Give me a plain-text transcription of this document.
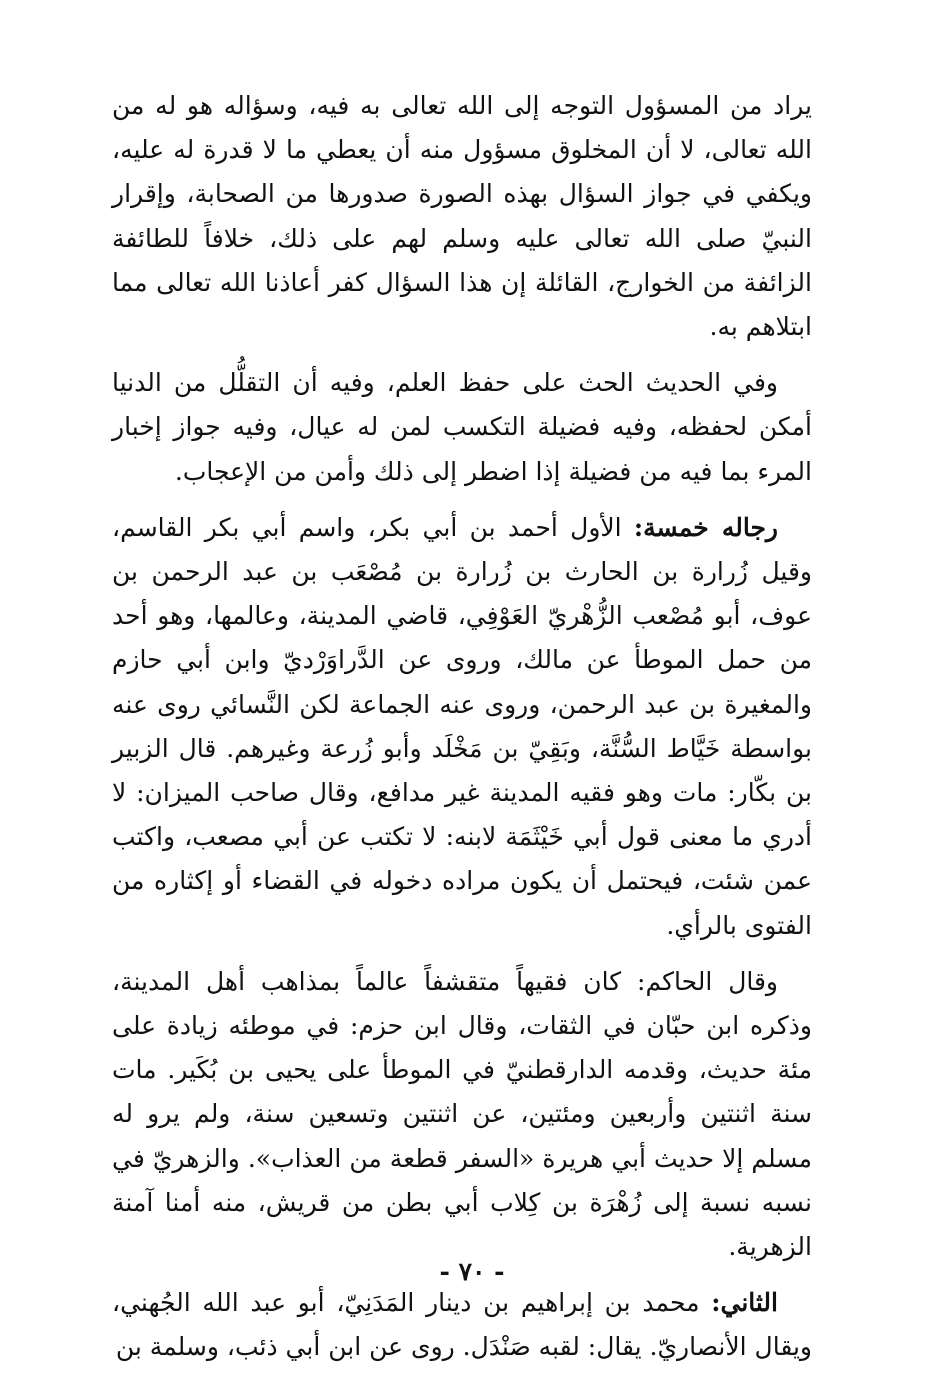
يراد من المسؤول التوجه إلى الله تعالى به فيه، وسؤاله هو له من الله تعالى، لا أن المخلوق مسؤول منه أن يعطي ما لا قدرة له عليه، ويكفي في جواز السؤال بهذه الصورة صدورها من الصحابة، وإقرار النبيّ صلى الله تعالى عليه وسلم لهم على ذلك، خلافاً للطائفة الزائفة من الخوارج، القائلة إن هذا السؤال كفر أعاذنا الله تعالى مما ابتلاهم به.

وفي الحديث الحث على حفظ العلم، وفيه أن التقلُّل من الدنيا أمكن لحفظه، وفيه فضيلة التكسب لمن له عيال، وفيه جواز إخبار المرء بما فيه من فضيلة إذا اضطر إلى ذلك وأمن من الإعجاب.

رجاله خمسة: الأول أحمد بن أبي بكر، واسم أبي بكر القاسم، وقيل زُرارة بن الحارث بن زُرارة بن مُصْعَب بن عبد الرحمن بن عوف، أبو مُصْعب الزُّهْريّ العَوْفِي، قاضي المدينة، وعالمها، وهو أحد من حمل الموطأ عن مالك، وروى عن الدَّراوَرْديّ وابن أبي حازم والمغيرة بن عبد الرحمن، وروى عنه الجماعة لكن النَّسائي روى عنه بواسطة خَيَّاط السُّنَّة، وبَقِيّ بن مَخْلَد وأبو زُرعة وغيرهم. قال الزبير بن بكّار: مات وهو فقيه المدينة غير مدافع، وقال صاحب الميزان: لا أدري ما معنى قول أبي خَيْثَمَة لابنه: لا تكتب عن أبي مصعب، واكتب عمن شئت، فيحتمل أن يكون مراده دخوله في القضاء أو إكثاره من الفتوى بالرأي.

وقال الحاكم: كان فقيهاً متقشفاً عالماً بمذاهب أهل المدينة، وذكره ابن حبّان في الثقات، وقال ابن حزم: في موطئه زيادة على مئة حديث، وقدمه الدارقطنيّ في الموطأ على يحيى بن بُكَير. مات سنة اثنتين وأربعين ومئتين، عن اثنتين وتسعين سنة، ولم يرو له مسلم إلا حديث أبي هريرة «السفر قطعة من العذاب». والزهريّ في نسبه نسبة إلى زُهْرَة بن كِلاب أبي بطن من قريش، منه أمنا آمنة الزهرية.

الثاني: محمد بن إبراهيم بن دينار المَدَنِيّ، أبو عبد الله الجُهني، ويقال الأنصاريّ. يقال: لقبه صَنْدَل. روى عن ابن أبي ذئب، وسلمة بن

- ٧٠ -
